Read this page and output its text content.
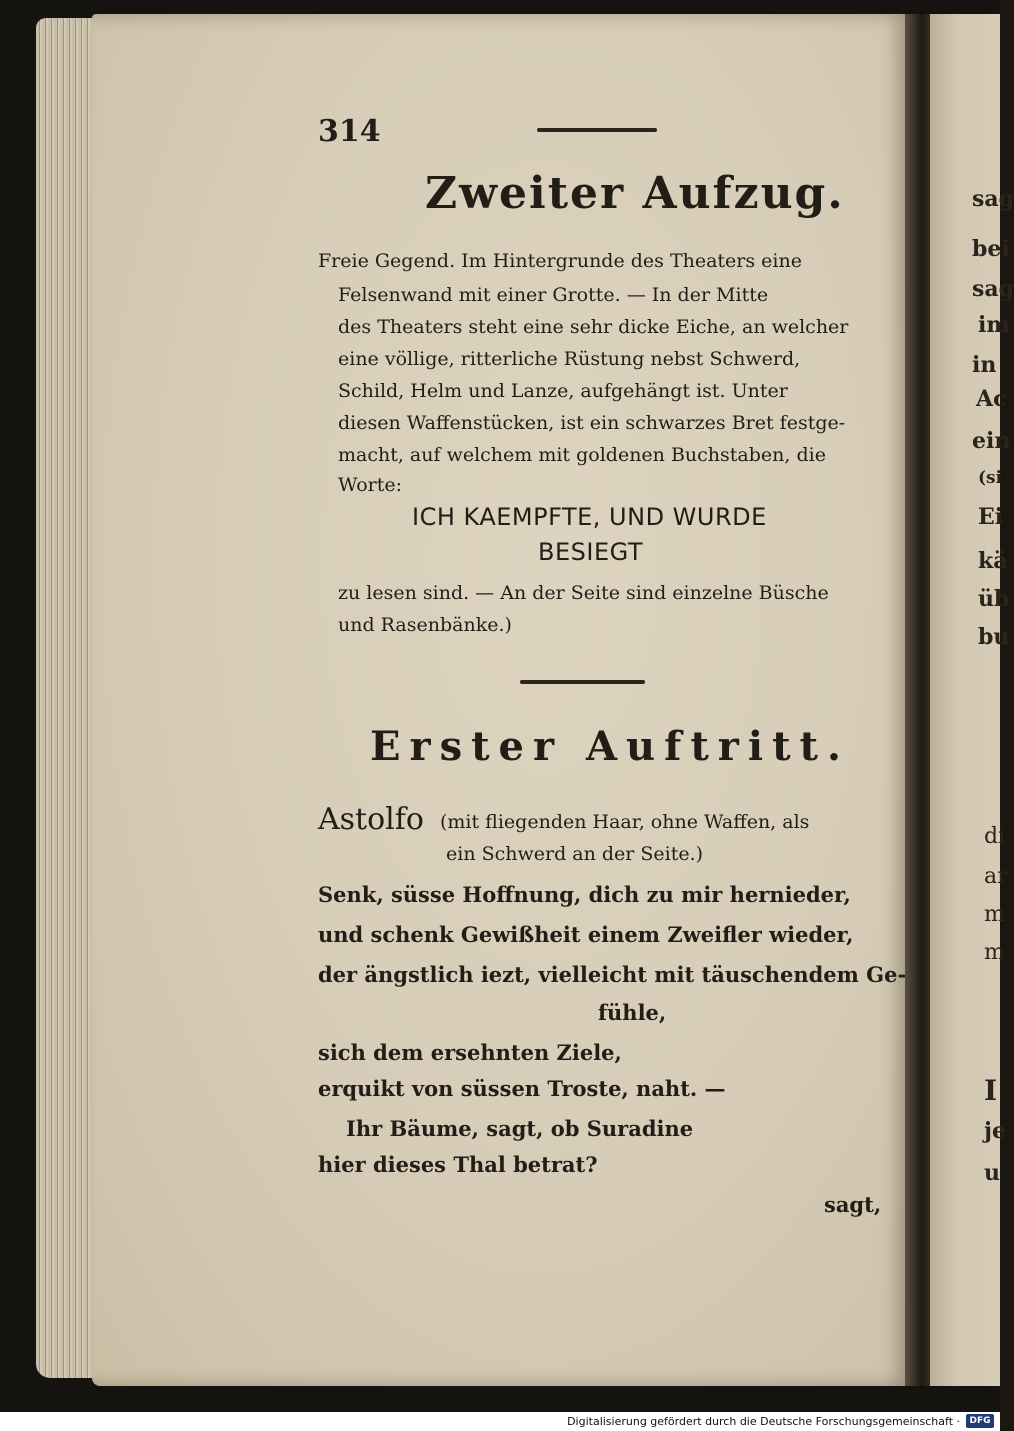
sag
bei
sag
im
in
Ac
ein
(si
Ei
kä
üb
bu
di
ar
m
m
I
je
u
314
Zweiter Aufzug.
Freie Gegend. Im Hintergrunde des Theaters eine
Felsenwand mit einer Grotte. — In der Mitte
des Theaters steht eine sehr dicke Eiche, an welcher
eine völlige, ritterliche Rüstung nebst Schwerd,
Schild, Helm und Lanze, aufgehängt ist. Unter
diesen Waffenstücken, ist ein schwarzes Bret festge-
macht, auf welchem mit goldenen Buchstaben, die
Worte:
ICH KAEMPFTE, UND WURDE
BESIEGT
zu lesen sind. — An der Seite sind einzelne Büsche
und Rasenbänke.)
Erster Auftritt.
Astolfo (mit fliegenden Haar, ohne Waffen, als
ein Schwerd an der Seite.)
Senk, süsse Hoffnung, dich zu mir hernieder,
und schenk Gewißheit einem Zweifler wieder,
der ängstlich iezt, vielleicht mit täuschendem Ge-
fühle,
sich dem ersehnten Ziele,
erquikt von süssen Troste, naht. —
Ihr Bäume, sagt, ob Suradine
hier dieses Thal betrat?
sagt,
Digitalisierung gefördert durch die Deutsche Forschungsgemeinschaft ·	DFG
